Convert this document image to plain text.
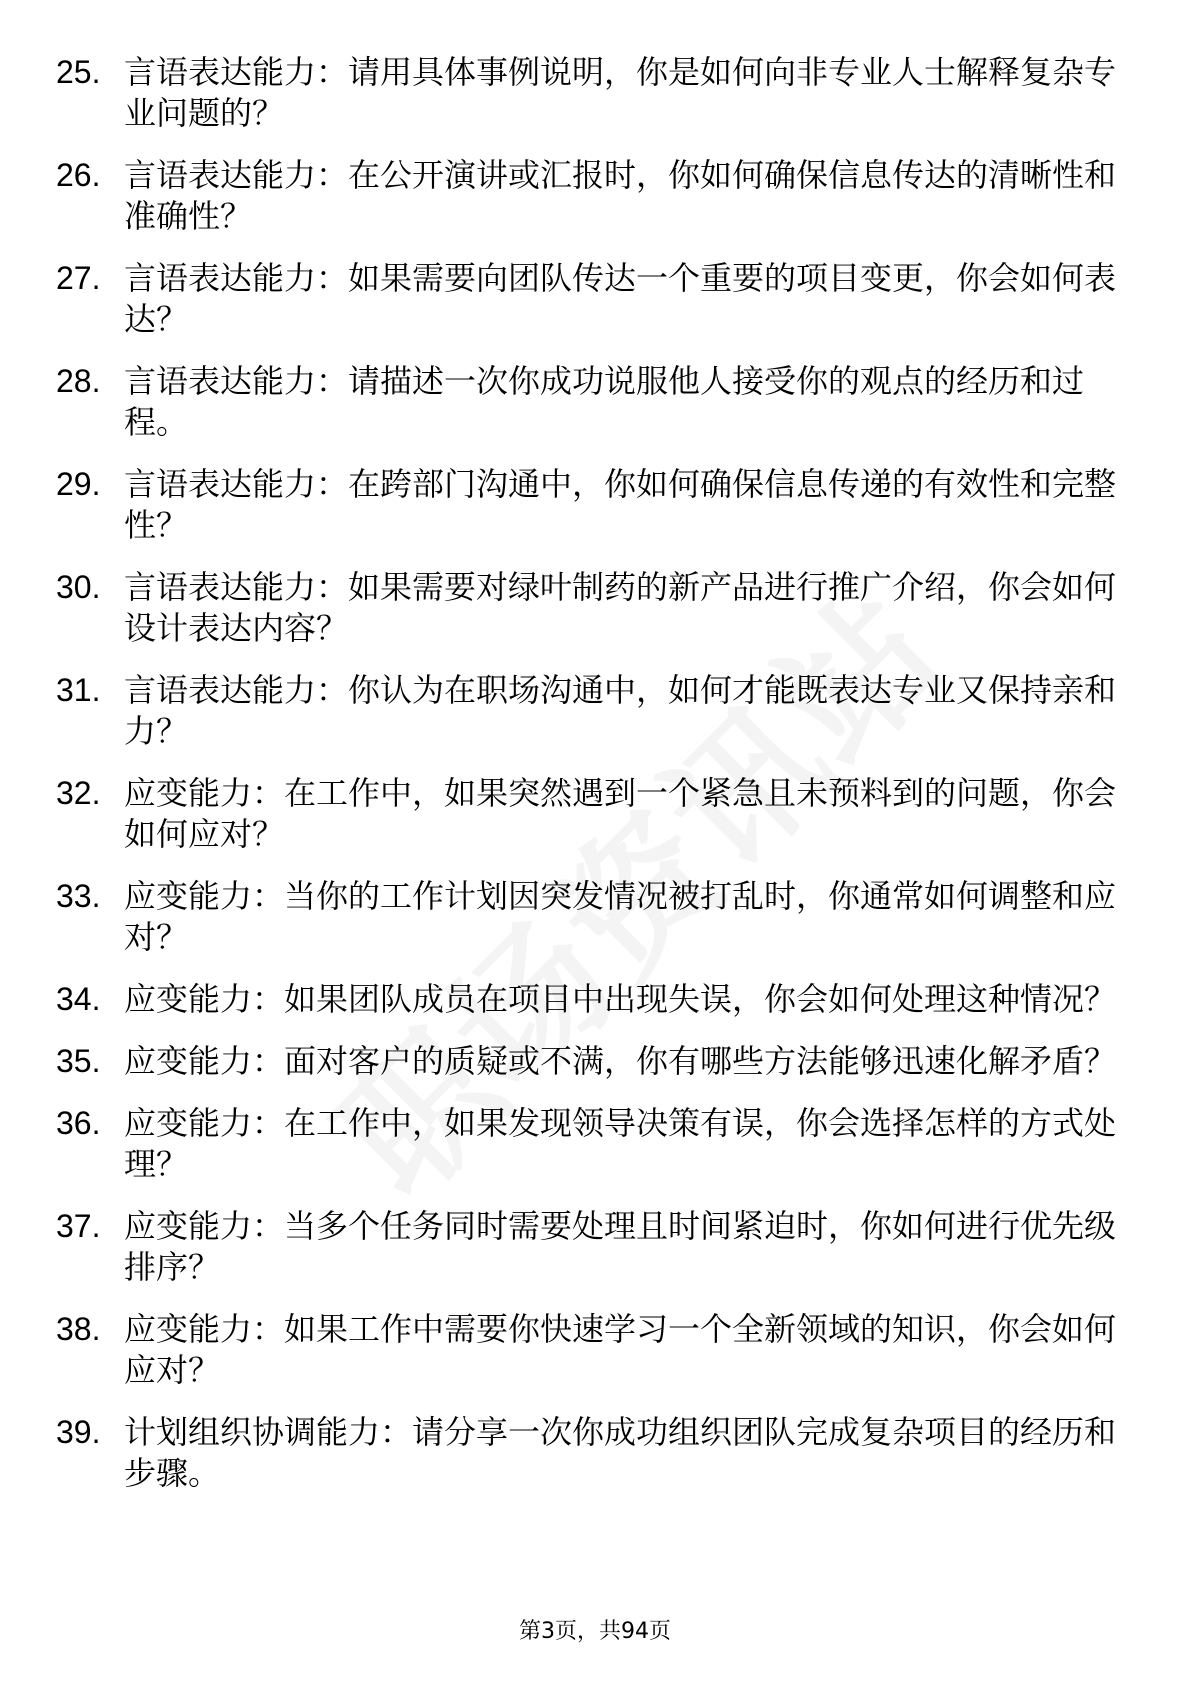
25. 言语表达能力：请用具体事例说明，你是如何向非专业人士解释复杂专业问题的？
26. 言语表达能力：在公开演讲或汇报时，你如何确保信息传达的清晰性和准确性？
27. 言语表达能力：如果需要向团队传达一个重要的项目变更，你会如何表达？
28. 言语表达能力：请描述一次你成功说服他人接受你的观点的经历和过程。
29. 言语表达能力：在跨部门沟通中，你如何确保信息传递的有效性和完整性？
30. 言语表达能力：如果需要对绿叶制药的新产品进行推广介绍，你会如何设计表达内容？
31. 言语表达能力：你认为在职场沟通中，如何才能既表达专业又保持亲和力？
32. 应变能力：在工作中，如果突然遇到一个紧急且未预料到的问题，你会如何应对？
33. 应变能力：当你的工作计划因突发情况被打乱时，你通常如何调整和应对？
34. 应变能力：如果团队成员在项目中出现失误，你会如何处理这种情况？
35. 应变能力：面对客户的质疑或不满，你有哪些方法能够迅速化解矛盾？
36. 应变能力：在工作中，如果发现领导决策有误，你会选择怎样的方式处理？
37. 应变能力：当多个任务同时需要处理且时间紧迫时，你如何进行优先级排序？
38. 应变能力：如果工作中需要你快速学习一个全新领域的知识，你会如何应对？
39. 计划组织协调能力：请分享一次你成功组织团队完成复杂项目的经历和步骤。
第3页，共94页
